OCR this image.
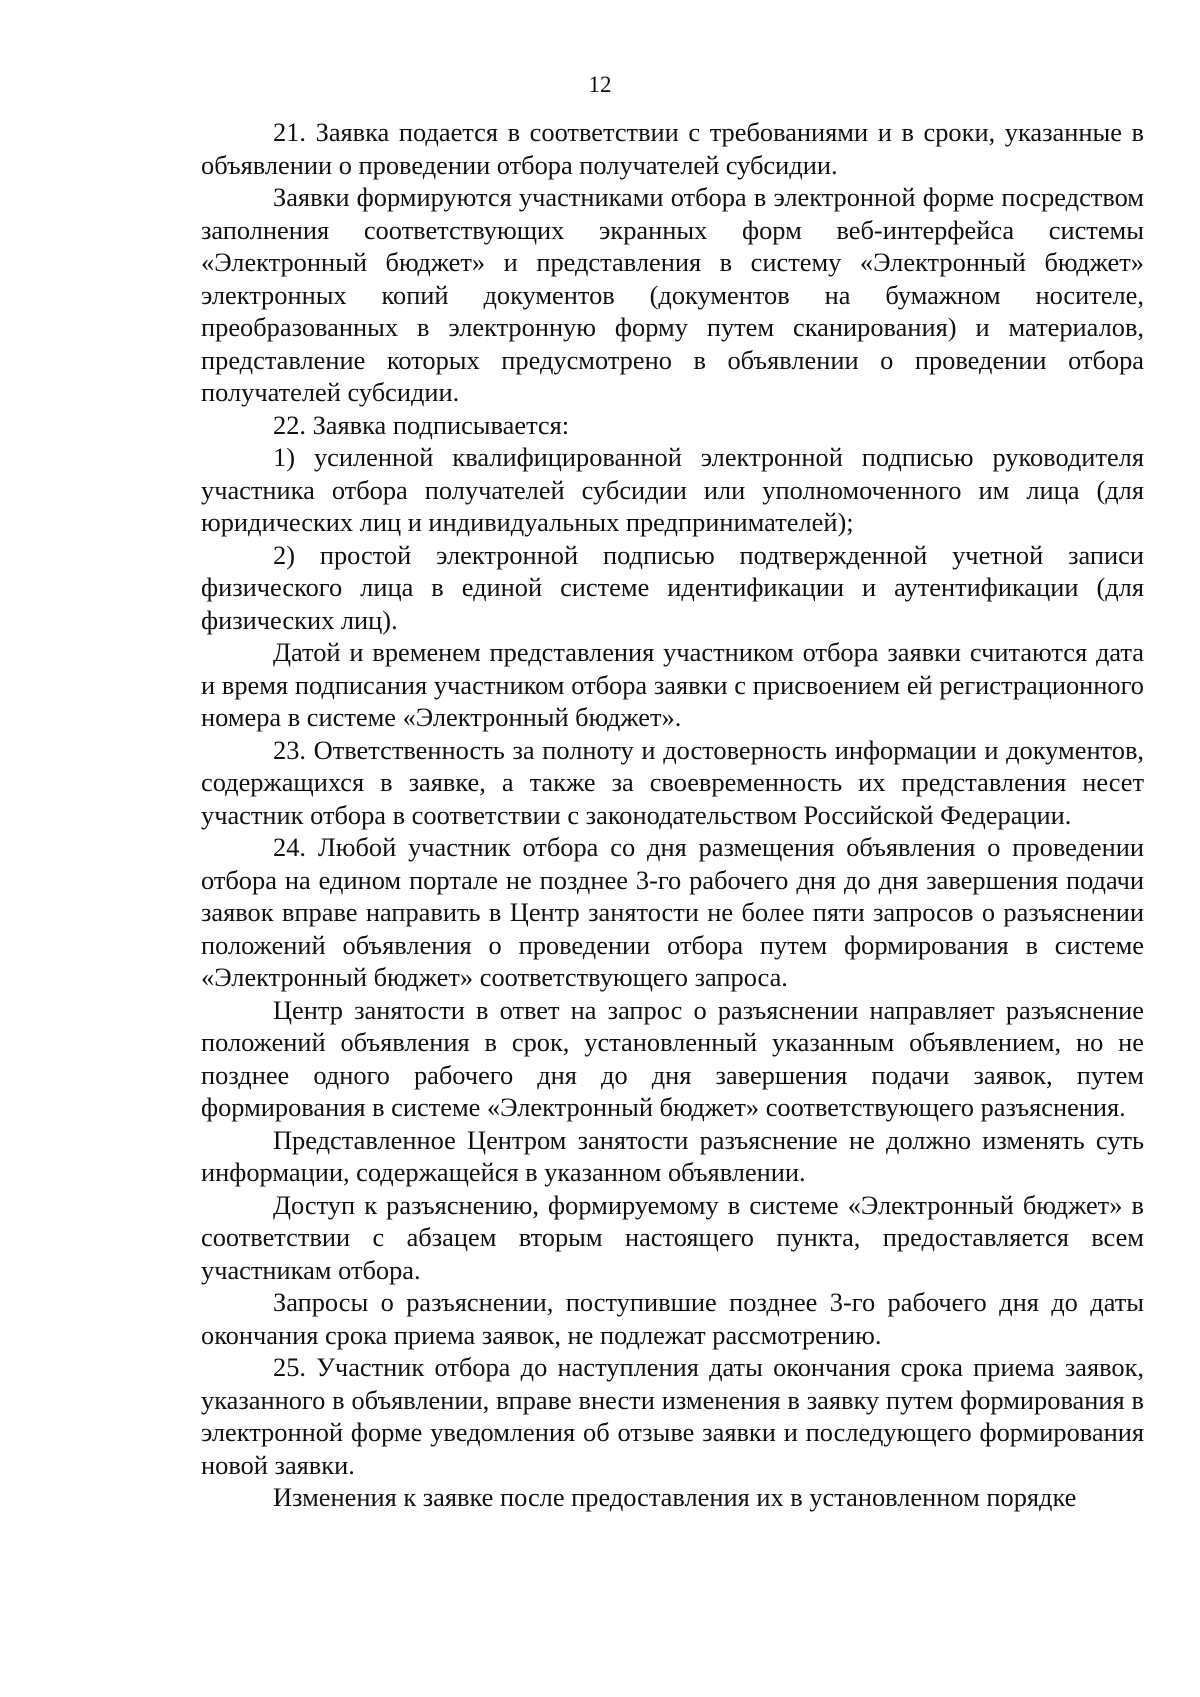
12

21. Заявка подается в соответствии с требованиями и в сроки, указанные в объявлении о проведении отбора получателей субсидии.

Заявки формируются участниками отбора в электронной форме посредством заполнения соответствующих экранных форм веб-интерфейса системы «Электронный бюджет» и представления в систему «Электронный бюджет» электронных копий документов (документов на бумажном носителе, преобразованных в электронную форму путем сканирования) и материалов, представление которых предусмотрено в объявлении о проведении отбора получателей субсидии.

22. Заявка подписывается:

1) усиленной квалифицированной электронной подписью руководителя участника отбора получателей субсидии или уполномоченного им лица (для юридических лиц и индивидуальных предпринимателей);

2) простой электронной подписью подтвержденной учетной записи физического лица в единой системе идентификации и аутентификации (для физических лиц).

Датой и временем представления участником отбора заявки считаются дата и время подписания участником отбора заявки с присвоением ей регистрационного номера в системе «Электронный бюджет».

23. Ответственность за полноту и достоверность информации и документов, содержащихся в заявке, а также за своевременность их представления несет участник отбора в соответствии с законодательством Российской Федерации.

24. Любой участник отбора со дня размещения объявления о проведении отбора на едином портале не позднее 3-го рабочего дня до дня завершения подачи заявок вправе направить в Центр занятости не более пяти запросов о разъяснении положений объявления о проведении отбора путем формирования в системе «Электронный бюджет» соответствующего запроса.

Центр занятости в ответ на запрос о разъяснении направляет разъяснение положений объявления в срок, установленный указанным объявлением, но не позднее одного рабочего дня до дня завершения подачи заявок, путем формирования в системе «Электронный бюджет» соответствующего разъяснения.

Представленное Центром занятости разъяснение не должно изменять суть информации, содержащейся в указанном объявлении.

Доступ к разъяснению, формируемому в системе «Электронный бюджет» в соответствии с абзацем вторым настоящего пункта, предоставляется всем участникам отбора.

Запросы о разъяснении, поступившие позднее 3-го рабочего дня до даты окончания срока приема заявок, не подлежат рассмотрению.

25. Участник отбора до наступления даты окончания срока приема заявок, указанного в объявлении, вправе внести изменения в заявку путем формирования в электронной форме уведомления об отзыве заявки и последующего формирования новой заявки.

Изменения к заявке после предоставления их в установленном порядке
